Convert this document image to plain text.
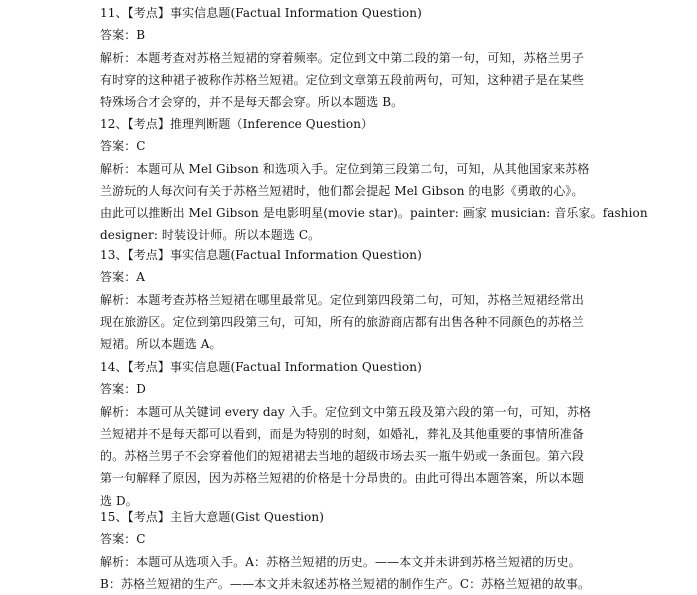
11、【考点】事实信息题(Factual Information Question)
答案：B
解析：本题考查对苏格兰短裙的穿着频率。定位到文中第二段的第一句，可知，苏格兰男子
有时穿的这种裙子被称作苏格兰短裙。定位到文章第五段前两句，可知，这种裙子是在某些
特殊场合才会穿的，并不是每天都会穿。所以本题选 B。
12、【考点】推理判断题（Inference Question）
答案：C
解析：本题可从 Mel Gibson 和选项入手。定位到第三段第二句，可知，从其他国家来苏格
兰游玩的人每次问有关于苏格兰短裙时，他们都会提起 Mel Gibson 的电影《勇敢的心》。
由此可以推断出 Mel Gibson 是电影明星(movie star)。painter: 画家 musician: 音乐家。fashion
designer: 时装设计师。所以本题选 C。
13、【考点】事实信息题(Factual Information Question)
答案：A
解析：本题考查苏格兰短裙在哪里最常见。定位到第四段第二句，可知，苏格兰短裙经常出
现在旅游区。定位到第四段第三句，可知，所有的旅游商店都有出售各种不同颜色的苏格兰
短裙。所以本题选 A。
14、【考点】事实信息题(Factual Information Question)
答案：D
解析：本题可从关键词 every day 入手。定位到文中第五段及第六段的第一句，可知，苏格
兰短裙并不是每天都可以看到，而是为特别的时刻，如婚礼，葬礼及其他重要的事情所准备
的。苏格兰男子不会穿着他们的短裙裙去当地的超级市场去买一瓶牛奶或一条面包。第六段
第一句解释了原因，因为苏格兰短裙的价格是十分昂贵的。由此可得出本题答案，所以本题
选 D。
15、【考点】主旨大意题(Gist Question)
答案：C
解析：本题可从选项入手。A：苏格兰短裙的历史。——本文并未讲到苏格兰短裙的历史。
B：苏格兰短裙的生产。——本文并未叙述苏格兰短裙的制作生产。C：苏格兰短裙的故事。
